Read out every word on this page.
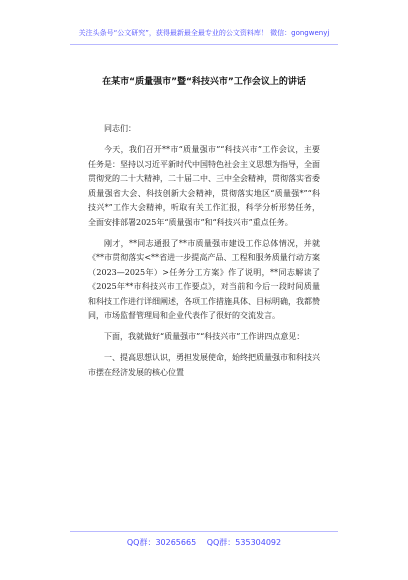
关注头条号“公文研究”，获得最新最全最专业的公文资料库！ 微信：gongwenyj
在某市“质量强市”暨“科技兴市”工作会议上的讲话

同志们：

今天，我们召开**市“质量强市”“科技兴市”工作会议，主要任务是：坚持以习近平新时代中国特色社会主义思想为指导，全面贯彻党的二十大精神，二十届二中、三中全会精神，贯彻落实省委质量强省大会、科技创新大会精神，贯彻落实地区“质量强*”“科技兴*”工作大会精神，听取有关工作汇报，科学分析形势任务，全面安排部署2025年“质量强市”和“科技兴市”重点任务。

刚才，**同志通报了**市质量强市建设工作总体情况，并就《**市贯彻落实<**省进一步提高产品、工程和服务质量行动方案（2023—2025年）>任务分工方案》作了说明，**同志解读了《2025年**市科技兴市工作要点》，对当前和今后一段时间质量和科技工作进行详细阐述，各项工作措施具体、目标明确，我都赞同，市场监督管理局和企业代表作了很好的交流发言。

下面，我就做好“质量强市”“科技兴市”工作讲四点意见：

一、提高思想认识，勇担发展使命，始终把质量强市和科技兴市摆在经济发展的核心位置

QQ群：30265665 QQ群：535304092
